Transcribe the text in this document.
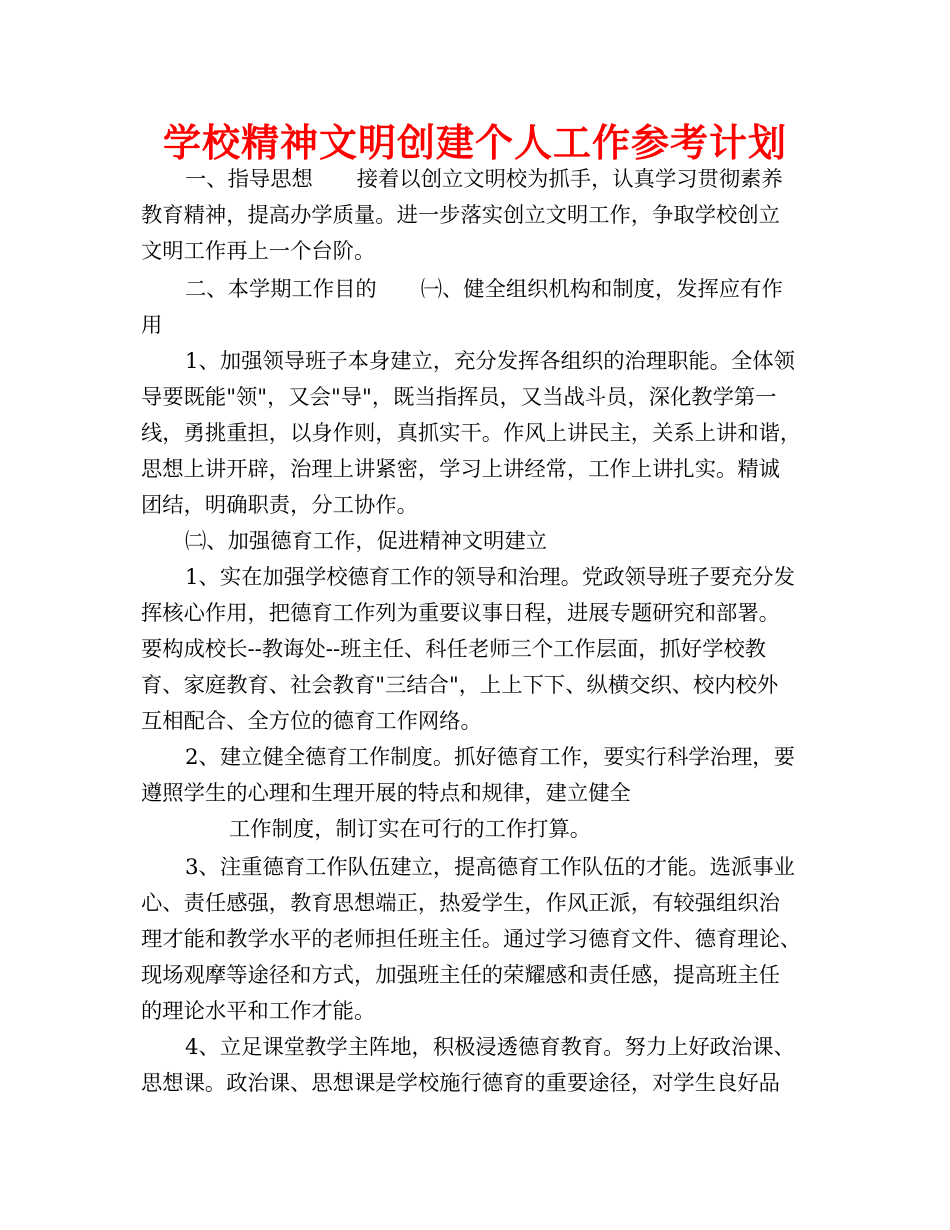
学校精神文明创建个人工作参考计划
一、指导思想 接着以创立文明校为抓手，认真学习贯彻素养
教育精神，提高办学质量。进一步落实创立文明工作，争取学校创立
文明工作再上一个台阶。
二、本学期工作目的 ㈠、健全组织机构和制度，发挥应有作
用
1、加强领导班子本身建立，充分发挥各组织的治理职能。全体领
导要既能"领"，又会"导"，既当指挥员，又当战斗员，深化教学第一
线，勇挑重担，以身作则，真抓实干。作风上讲民主，关系上讲和谐，
思想上讲开辟，治理上讲紧密，学习上讲经常，工作上讲扎实。精诚
团结，明确职责，分工协作。
㈡、加强德育工作，促进精神文明建立
1、实在加强学校德育工作的领导和治理。党政领导班子要充分发
挥核心作用，把德育工作列为重要议事日程，进展专题研究和部署。
要构成校长--教诲处--班主任、科任老师三个工作层面，抓好学校教
育、家庭教育、社会教育"三结合"，上上下下、纵横交织、校内校外
互相配合、全方位的德育工作网络。
2、建立健全德育工作制度。抓好德育工作，要实行科学治理，要
遵照学生的心理和生理开展的特点和规律，建立健全
工作制度，制订实在可行的工作打算。
3、注重德育工作队伍建立，提高德育工作队伍的才能。选派事业
心、责任感强，教育思想端正，热爱学生，作风正派，有较强组织治
理才能和教学水平的老师担任班主任。通过学习德育文件、德育理论、
现场观摩等途径和方式，加强班主任的荣耀感和责任感，提高班主任
的理论水平和工作才能。
4、立足课堂教学主阵地，积极浸透德育教育。努力上好政治课、
思想课。政治课、思想课是学校施行德育的重要途径，对学生良好品
